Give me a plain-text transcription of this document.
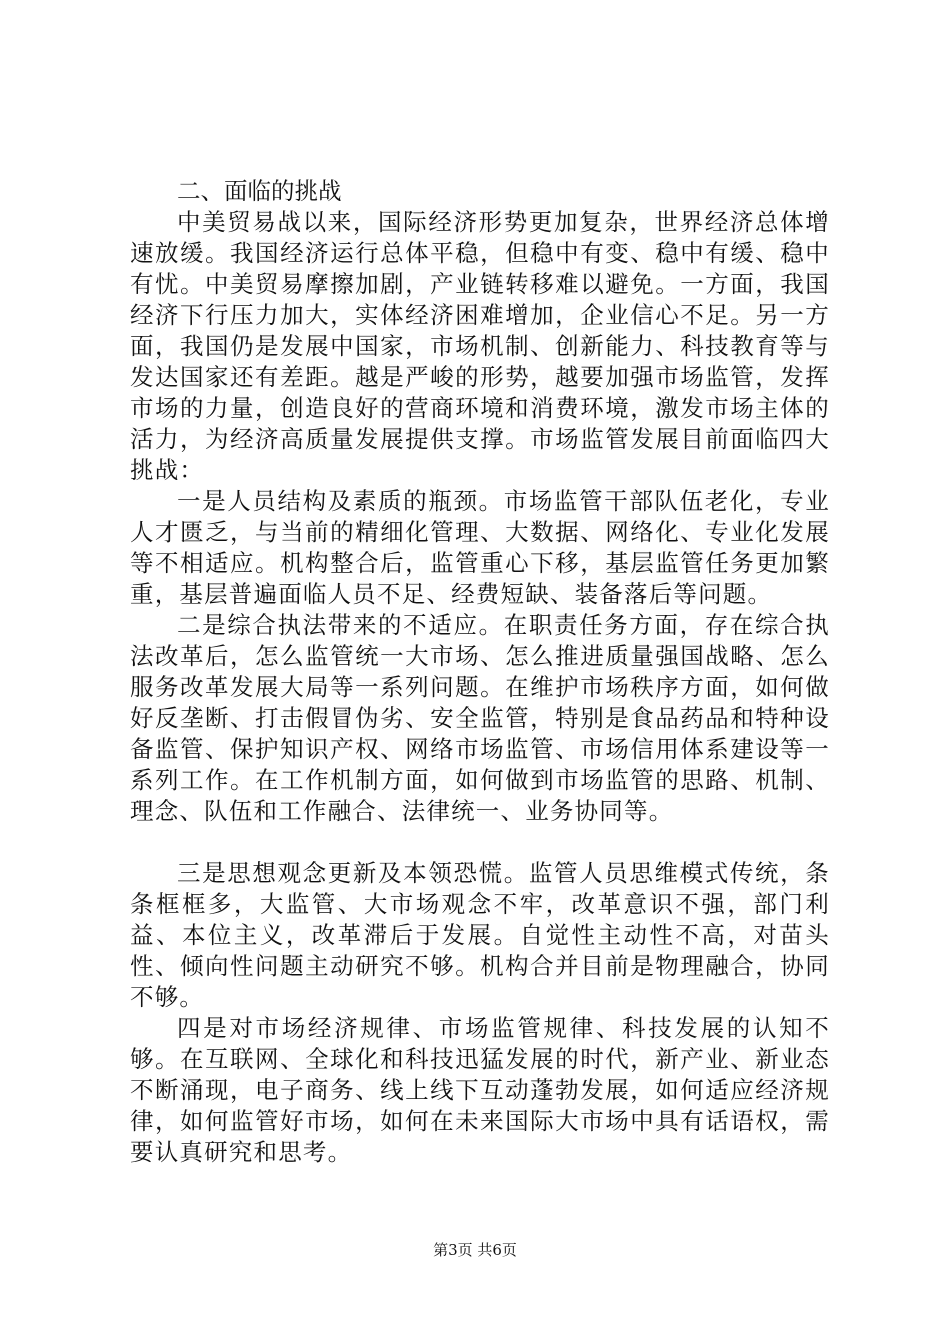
二、面临的挑战

中美贸易战以来，国际经济形势更加复杂，世界经济总体增速放缓。我国经济运行总体平稳，但稳中有变、稳中有缓、稳中有忧。中美贸易摩擦加剧，产业链转移难以避免。一方面，我国经济下行压力加大，实体经济困难增加，企业信心不足。另一方面，我国仍是发展中国家，市场机制、创新能力、科技教育等与发达国家还有差距。越是严峻的形势，越要加强市场监管，发挥市场的力量，创造良好的营商环境和消费环境，激发市场主体的活力，为经济高质量发展提供支撑。市场监管发展目前面临四大挑战：

一是人员结构及素质的瓶颈。市场监管干部队伍老化，专业人才匮乏，与当前的精细化管理、大数据、网络化、专业化发展等不相适应。机构整合后，监管重心下移，基层监管任务更加繁重，基层普遍面临人员不足、经费短缺、装备落后等问题。

二是综合执法带来的不适应。在职责任务方面，存在综合执法改革后，怎么监管统一大市场、怎么推进质量强国战略、怎么服务改革发展大局等一系列问题。在维护市场秩序方面，如何做好反垄断、打击假冒伪劣、安全监管，特别是食品药品和特种设备监管、保护知识产权、网络市场监管、市场信用体系建设等一系列工作。在工作机制方面，如何做到市场监管的思路、机制、理念、队伍和工作融合、法律统一、业务协同等。

三是思想观念更新及本领恐慌。监管人员思维模式传统，条条框框多，大监管、大市场观念不牢，改革意识不强，部门利益、本位主义，改革滞后于发展。自觉性主动性不高，对苗头性、倾向性问题主动研究不够。机构合并目前是物理融合，协同不够。

四是对市场经济规律、市场监管规律、科技发展的认知不够。在互联网、全球化和科技迅猛发展的时代，新产业、新业态不断涌现，电子商务、线上线下互动蓬勃发展，如何适应经济规律，如何监管好市场，如何在未来国际大市场中具有话语权，需要认真研究和思考。

第3页 共6页
